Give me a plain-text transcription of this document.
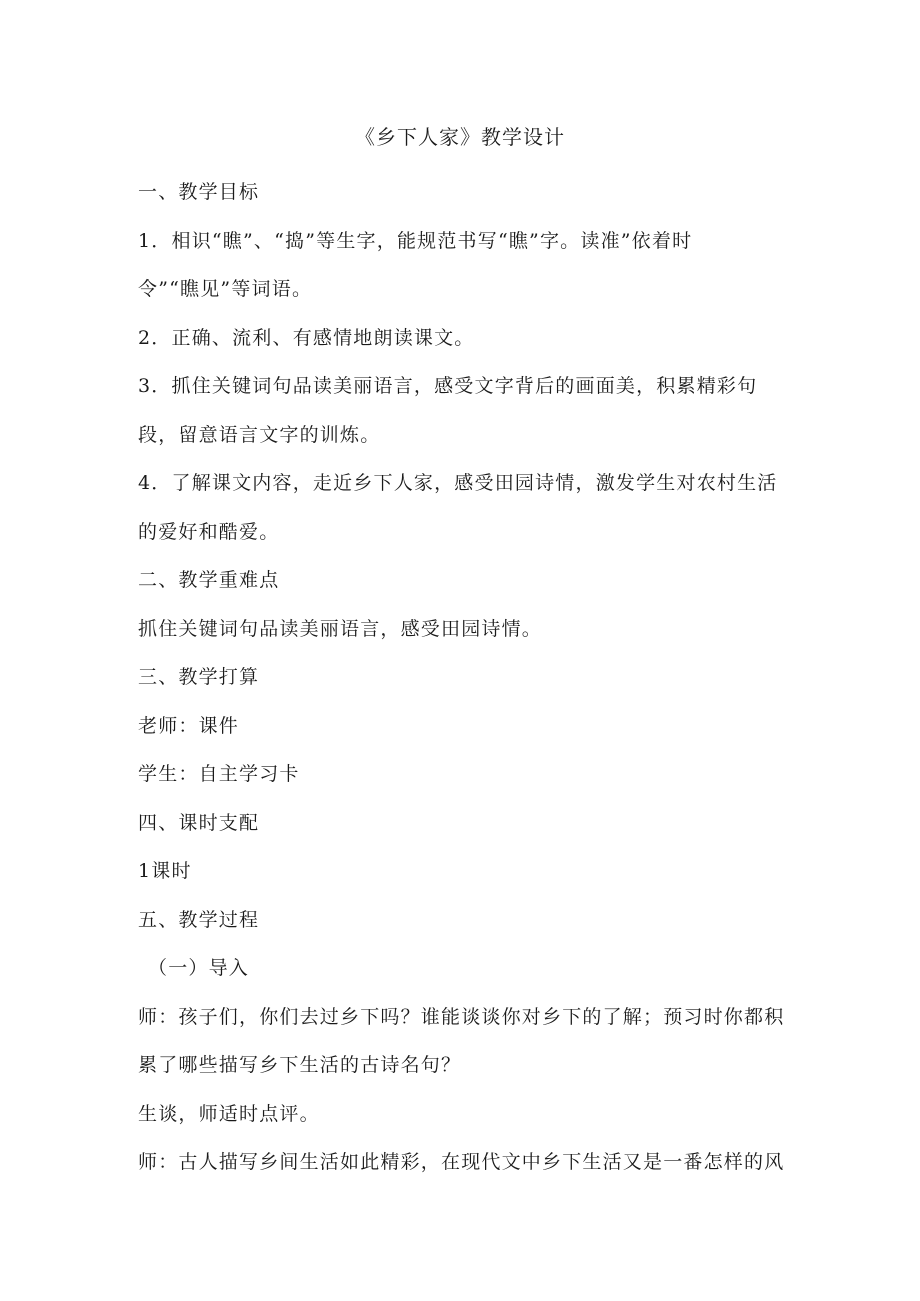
《乡下人家》教学设计
一、教学目标
1．相识“瞧”、“捣”等生字，能规范书写“瞧”字。读准”依着时
令”“瞧见”等词语。
2．正确、流利、有感情地朗读课文。
3．抓住关键词句品读美丽语言，感受文字背后的画面美，积累精彩句
段，留意语言文字的训炼。
4．了解课文内容，走近乡下人家，感受田园诗情，激发学生对农村生活
的爱好和酷爱。
二、教学重难点
抓住关键词句品读美丽语言，感受田园诗情。
三、教学打算
老师：课件
学生：自主学习卡
四、课时支配
1课时
五、教学过程
（一）导入
师：孩子们，你们去过乡下吗？谁能谈谈你对乡下的了解；预习时你都积
累了哪些描写乡下生活的古诗名句？
生谈，师适时点评。
师：古人描写乡间生活如此精彩，在现代文中乡下生活又是一番怎样的风
